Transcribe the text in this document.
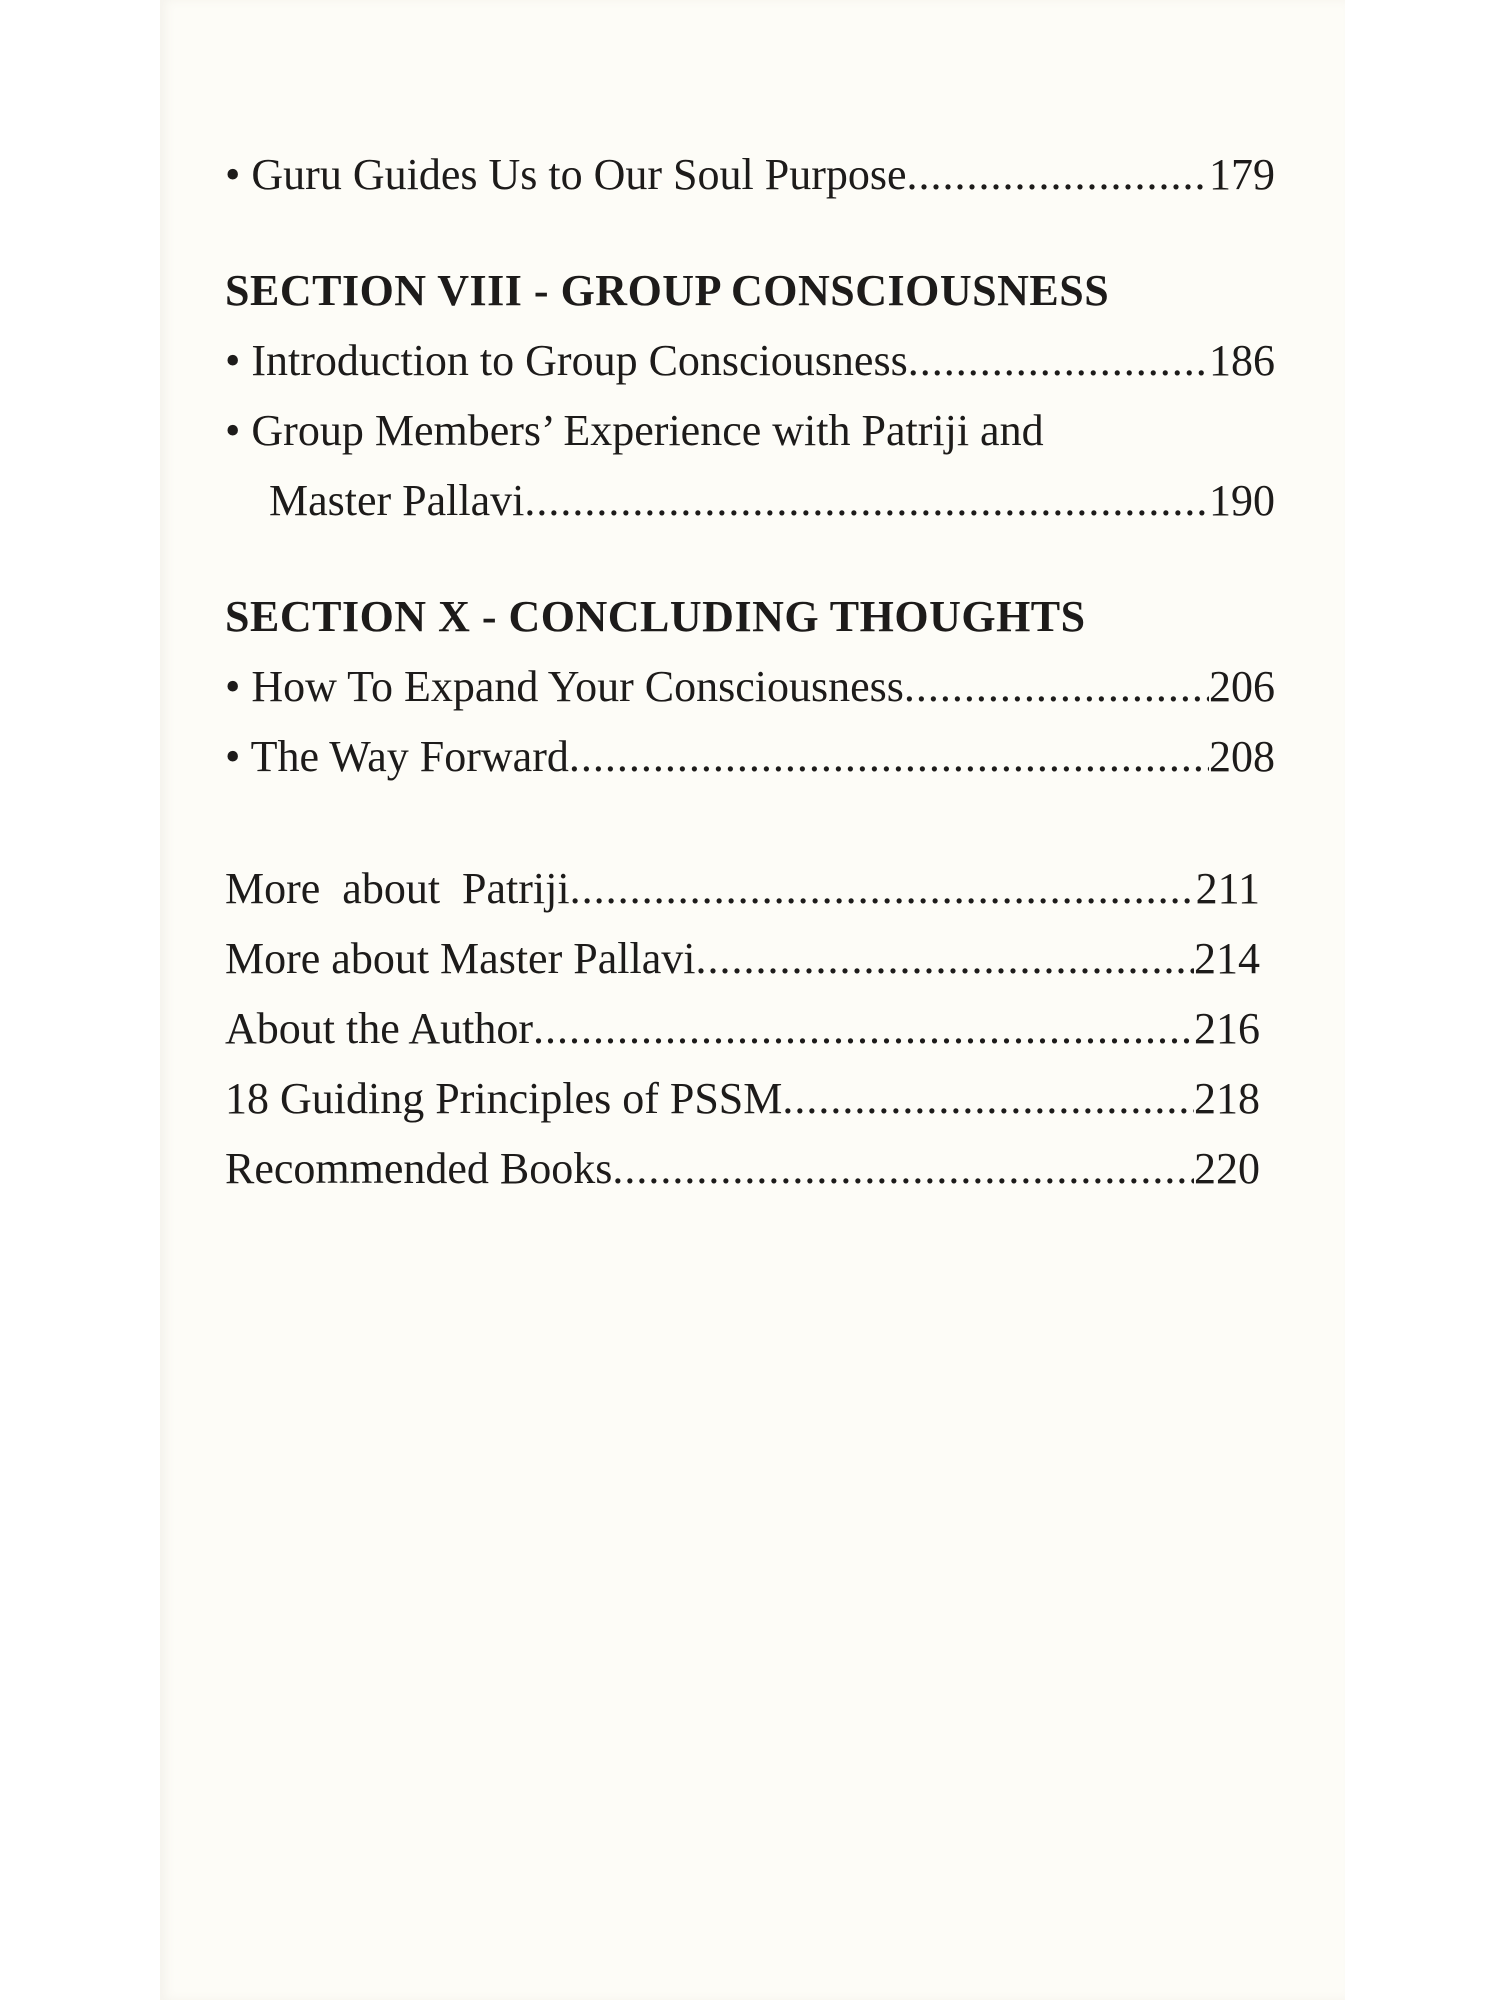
• Guru Guides Us to Our Soul Purpose .....	179
SECTION VIII - GROUP CONSCIOUSNESS
• Introduction to Group Consciousness .....	186
• Group Members’ Experience with Patriji and
Master Pallavi .....	190
SECTION X - CONCLUDING THOUGHTS
• How To Expand Your Consciousness .....	206
• The Way Forward .....	208
More  about  Patriji .....	211
More about Master Pallavi .....	214
About the Author .....	216
18 Guiding Principles of PSSM .....	218
Recommended Books .....	220
